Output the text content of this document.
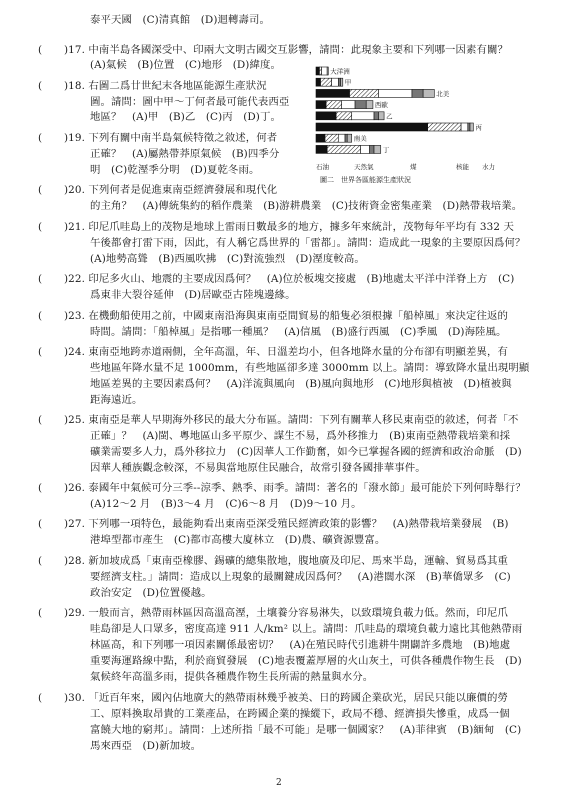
泰平天國　(C)清真館　(D)迴轉壽司。
( )17. 中南半島各國深受中、印兩大文明古國交互影響，請問：此現象主要和下列哪一因素有關？
(A)氣候　(B)位置　(C)地形　(D)緯度。
( )18. 右圖二爲廿世紀末各地區能源生產狀況
圖。請問：圖中甲～丁何者最可能代表西亞
地區？　(A)甲　(B)乙　(C)丙　(D)丁。
( )19. 下列有關中南半島氣候特徵之敘述，何者
正確？　(A)屬熱帶莽原氣候　(B)四季分
明　(C)乾溼季分明　(D)夏乾冬雨。
( )20. 下列何者是促進東南亞經濟發展和現代化
的主角？　(A)傳統集約的稻作農業　(B)游耕農業　(C)技術資金密集產業　(D)熱帶栽培業。
( )21. 印尼爪哇島上的茂物是地球上雷雨日數最多的地方，據多年來統計，茂物每年平均有 332 天
午後都會打雷下雨，因此，有人稱它爲世界的「雷都」。請問：造成此一現象的主要原因爲何？
(A)地勢高聳　(B)西風吹拂　(C)對流強烈　(D)溼度較高。
( )22. 印尼多火山、地震的主要成因爲何？　(A)位於板塊交接處　(B)地處太平洋中洋脊上方　(C)
爲東非大裂谷延伸　(D)居歐亞古陸塊邊緣。
( )23. 在機動船使用之前，中國東南沿海與東南亞間貿易的船隻必須根據「船棹風」來決定往返的
時間。請問：「船棹風」是指哪一種風？　(A)信風　(B)盛行西風　(C)季風　(D)海陸風。
( )24. 東南亞地跨赤道兩側，全年高溫，年、日溫差均小，但各地降水量的分布卻有明顯差異，有
些地區年降水量不足 1000mm，有些地區卻多達 3000mm 以上。請問：導致降水量出現明顯
地區差異的主要因素爲何？　(A)洋流與風向　(B)風向與地形　(C)地形與植被　(D)植被與
距海遠近。
( )25. 東南亞是華人早期海外移民的最大分布區。請問：下列有關華人移民東南亞的敘述，何者「不
正確」？　(A)閩、粵地區山多平原少、謀生不易，爲外移推力　(B)東南亞熱帶栽培業和採
礦業需要多人力，爲外移拉力　(C)因華人工作勤奮，如今已掌握各國的經濟和政治命脈　(D)
因華人種族觀念較深，不易與當地原住民融合，故常引發各國排華事件。
( )26. 泰國年中氣候可分三季--涼季、熱季、雨季。請問：著名的「潑水節」最可能於下列何時舉行？
(A)12～2 月　(B)3～4 月　(C)6～8 月　(D)9～10 月。
( )27. 下列哪一項特色，最能夠看出東南亞深受殖民經濟政策的影響？　(A)熱帶栽培業發展　(B)
港埠型都市產生　(C)都市高樓大廈林立　(D)農、礦資源豐富。
( )28. 新加坡成爲「東南亞橡膠、錫礦的總集散地，腹地廣及印尼、馬來半島，運輸、貿易爲其重
要經濟支柱。」請問：造成以上現象的最關鍵成因爲何？　(A)港闊水深　(B)華僑眾多　(C)
政治安定　(D)位置優越。
( )29. 一般而言，熱帶雨林區因高溫高溼，土壤養分容易淋失，以致環境負載力低。然而，印尼爪
哇島卻是人口眾多，密度高達 911 人/km² 以上。請問：爪哇島的環境負載力遠比其他熱帶雨
林區高，和下列哪一項因素關係最密切？　(A)在殖民時代引進耕牛開闢許多農地　(B)地處
重要海運路線中點，利於商貿發展　(C)地表覆蓋厚層的火山灰土，可供各種農作物生長　(D)
氣候終年高溫多雨，提供各種農作物生長所需的熱量與水分。
( )30. 「近百年來，國內佔地廣大的熱帶雨林幾乎被美、日的跨國企業砍光，居民只能以廉價的勞
工、原料換取昂貴的工業產品，在跨國企業的操縱下，政局不穩、經濟損失慘重，成爲一個
富饒大地的窮邦」。請問：上述所指「最不可能」是哪一個國家？　(A)菲律賓　(B)緬甸　(C)
馬來西亞　(D)新加坡。
大洋洲
甲
北美
西歐
乙
丙
南美
丁
石油	天然氣	煤	核能 水力
圖二　世界各區能源生產狀況
2
